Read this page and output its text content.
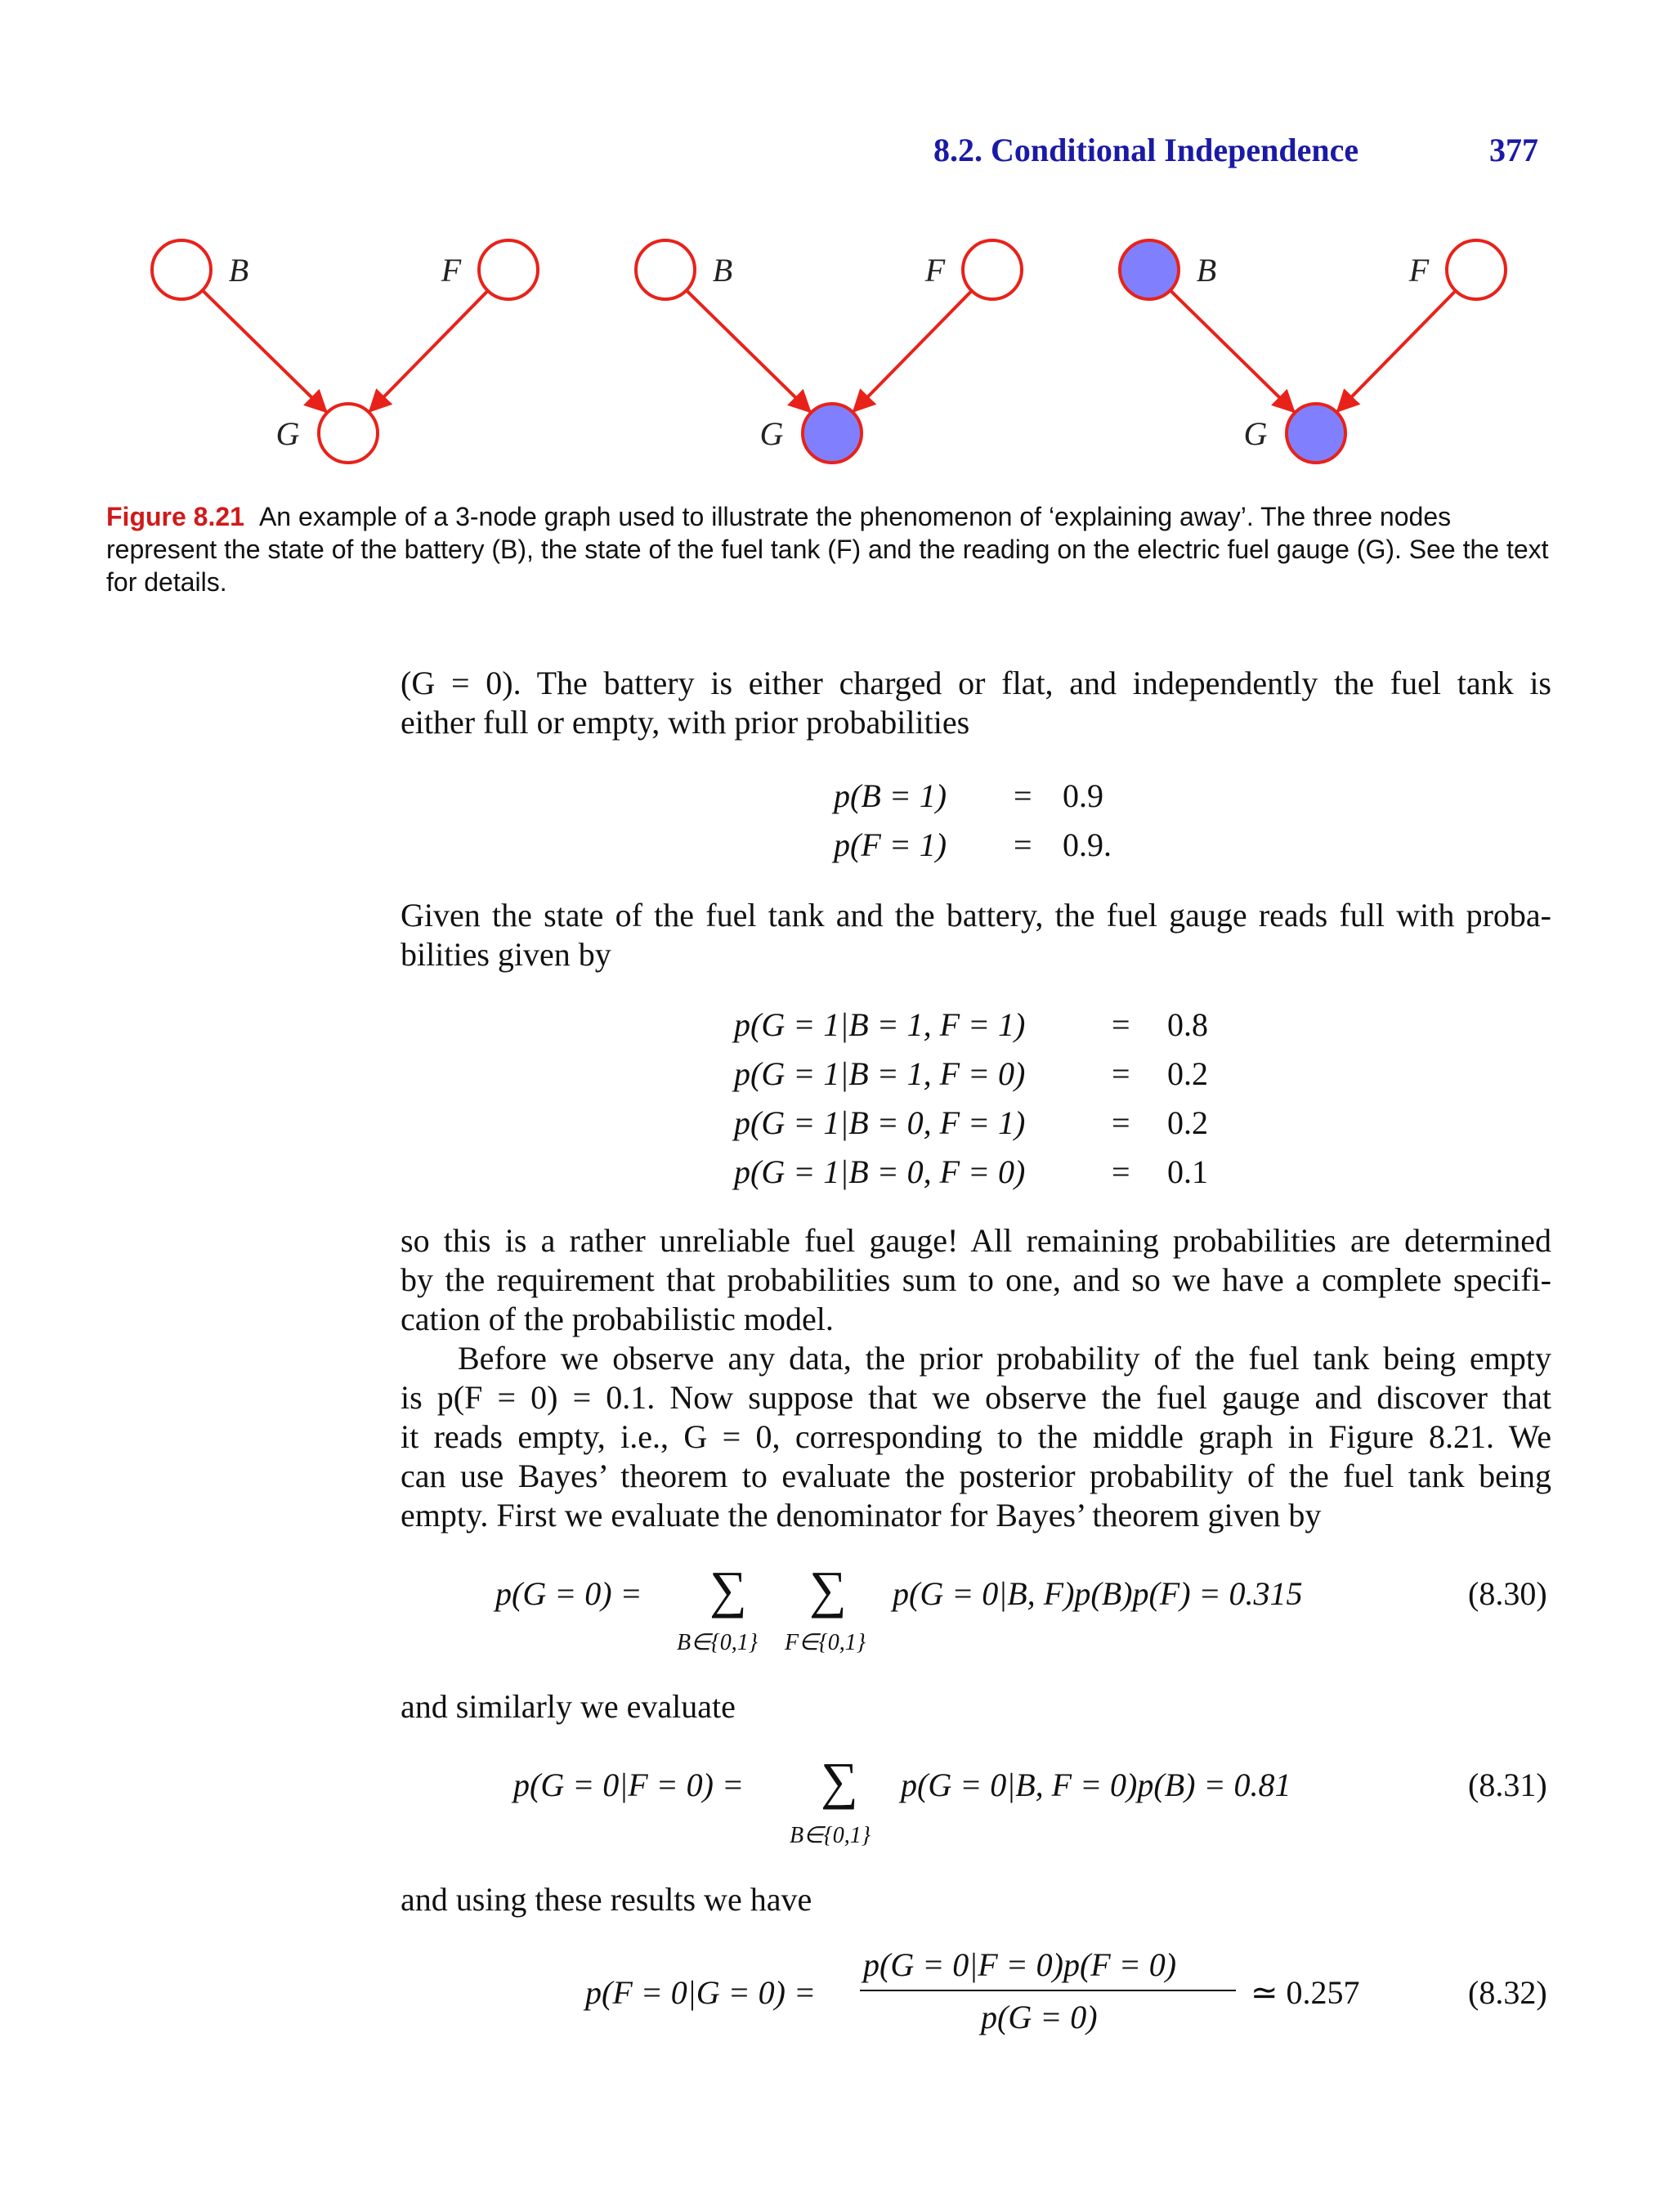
8.2. Conditional Independence	377
B	F
G
B	F
G
B	F
G
Figure 8.21 An example of a 3-node graph used to illustrate the phenomenon of ‘explaining away’. The three nodes represent the state of the battery (B), the state of the fuel tank (F) and the reading on the electric fuel gauge (G). See the text for details.
(G = 0). The battery is either charged or flat, and independently the fuel tank is
either full or empty, with prior probabilities
p(B = 1) = 0.9
p(F = 1) = 0.9.
Given the state of the fuel tank and the battery, the fuel gauge reads full with proba-
bilities given by
p(G = 1|B = 1, F = 1)	= 0.8
p(G = 1|B = 1, F = 0)	= 0.2
p(G = 1|B = 0, F = 1)	= 0.2
p(G = 1|B = 0, F = 0)	= 0.1
so this is a rather unreliable fuel gauge! All remaining probabilities are determined
by the requirement that probabilities sum to one, and so we have a complete specifi-
cation of the probabilistic model.
Before we observe any data, the prior probability of the fuel tank being empty
is p(F = 0) = 0.1. Now suppose that we observe the fuel gauge and discover that
it reads empty, i.e., G = 0, corresponding to the middle graph in Figure 8.21. We
can use Bayes’ theorem to evaluate the posterior probability of the fuel tank being
empty. First we evaluate the denominator for Bayes’ theorem given by
p(G = 0) = ∑ ∑
B∈{0,1} F∈{0,1}
p(G = 0|B, F)p(B)p(F) = 0.315	(8.30)
and similarly we evaluate
p(G = 0|F = 0) = ∑
B∈{0,1}
p(G = 0|B, F = 0)p(B) = 0.81	(8.31)
and using these results we have
p(F = 0|G = 0) =
p(G = 0|F = 0)p(F = 0)
p(G = 0)
≃ 0.257	(8.32)
